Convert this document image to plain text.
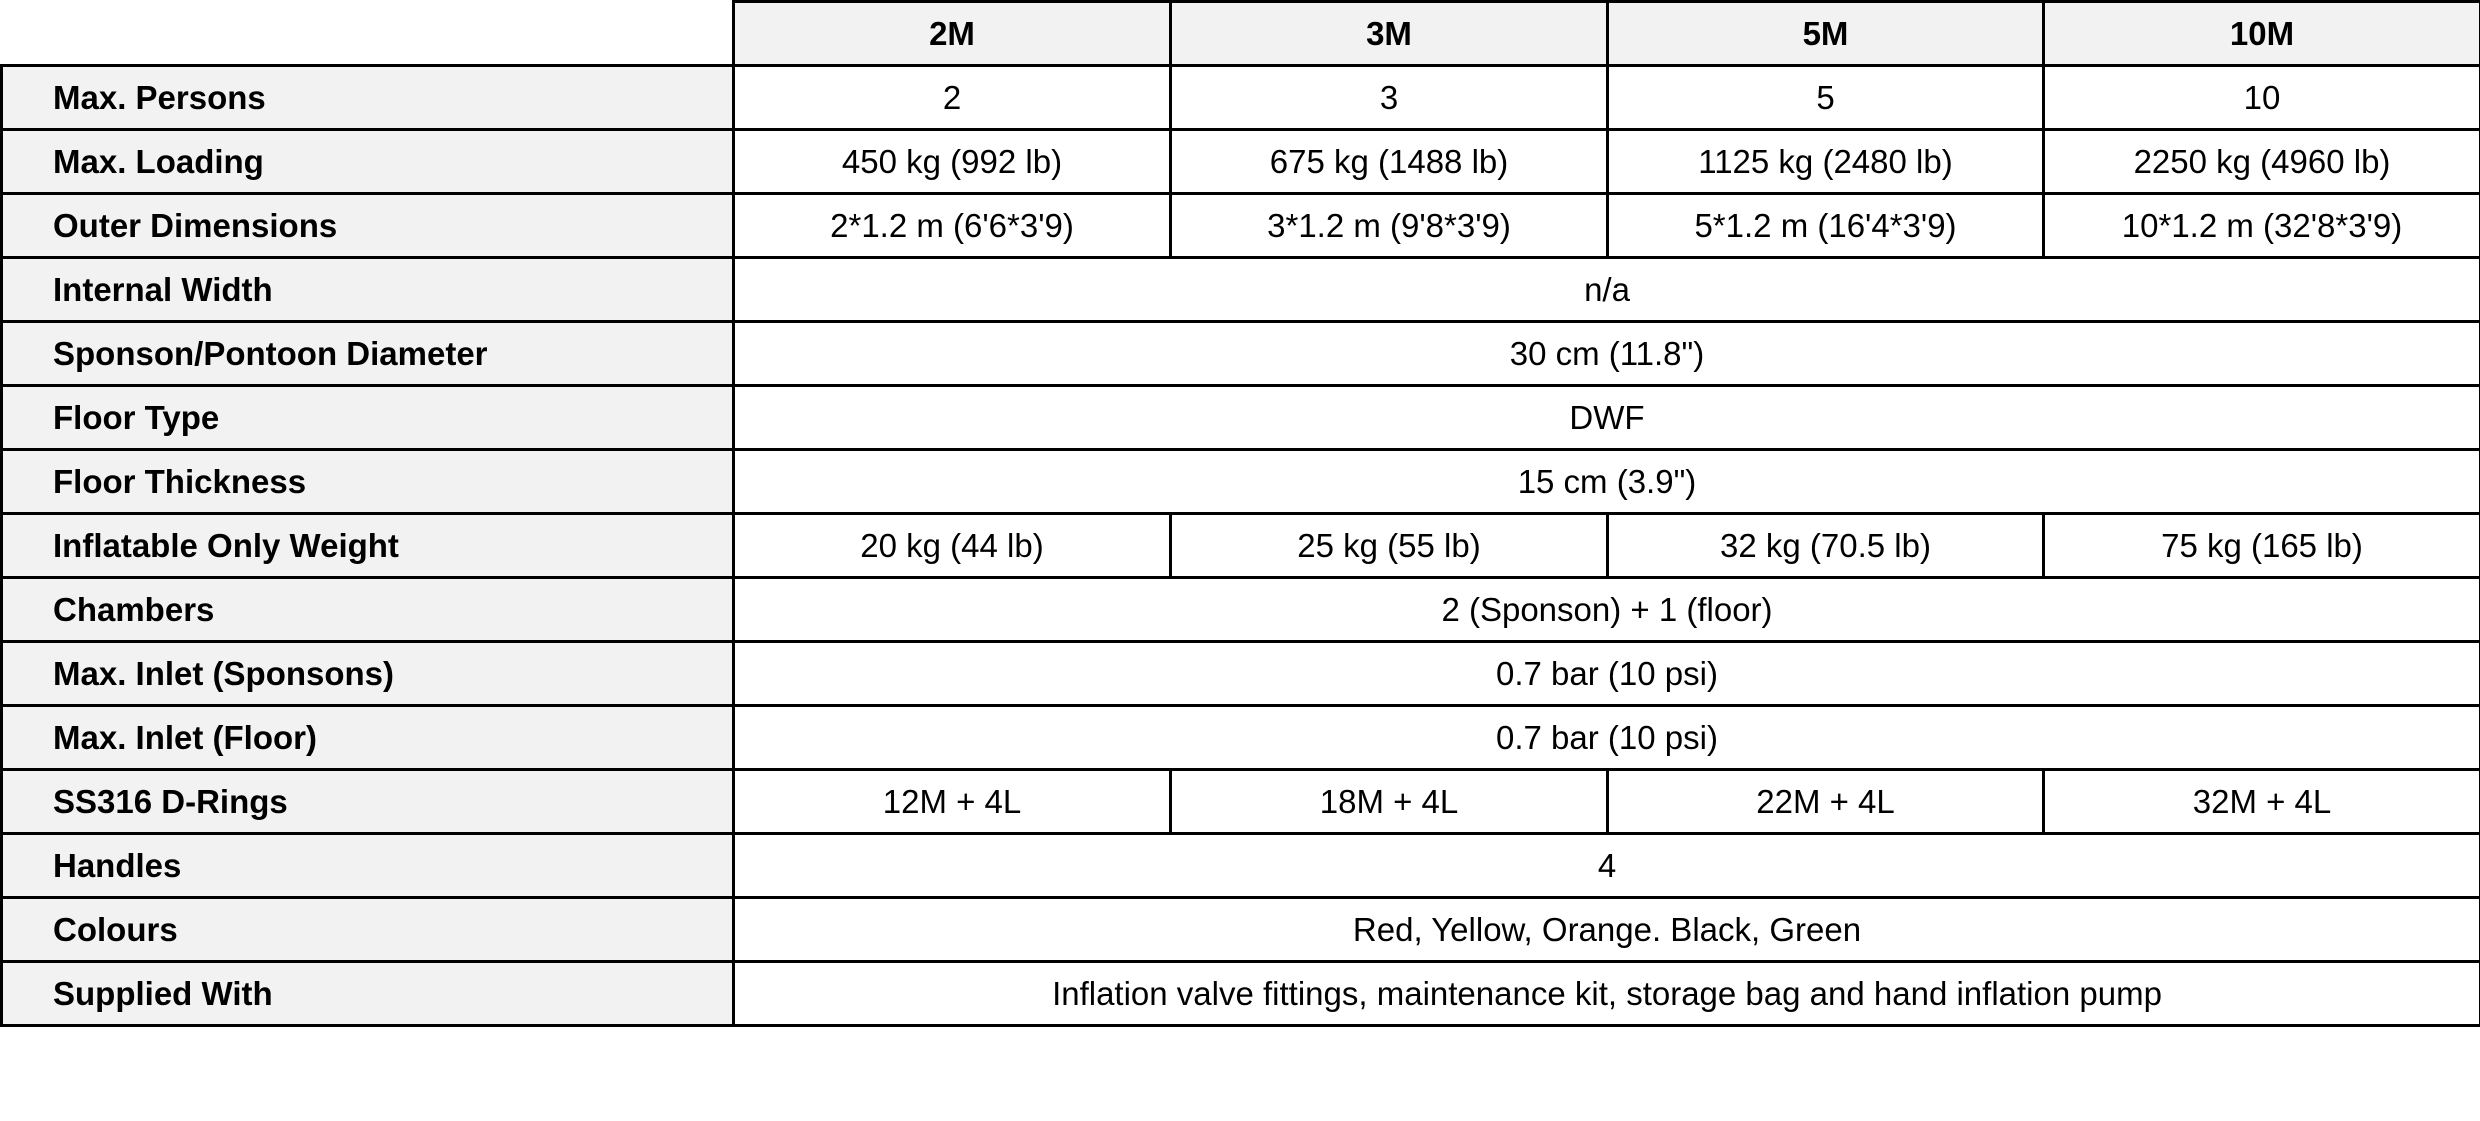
	2M	3M	5M	10M
Max. Persons	2	3	5	10
Max. Loading	450 kg (992 lb)	675 kg (1488 lb)	1125 kg (2480 lb)	2250 kg (4960 lb)
Outer Dimensions	2*1.2 m (6'6*3'9)	3*1.2 m (9'8*3'9)	5*1.2 m (16'4*3'9)	10*1.2 m (32'8*3'9)
Internal Width	n/a			
Sponson/Pontoon Diameter	30 cm (11.8")			
Floor Type	DWF			
Floor Thickness	15 cm (3.9")			
Inflatable Only Weight	20 kg (44 lb)	25 kg (55 lb)	32 kg (70.5 lb)	75 kg (165 lb)
Chambers	2 (Sponson) + 1 (floor)			
Max. Inlet (Sponsons)	0.7 bar (10 psi)			
Max. Inlet (Floor)	0.7 bar (10 psi)			
SS316 D-Rings	12M + 4L	18M + 4L	22M + 4L	32M + 4L
Handles	4			
Colours	Red, Yellow, Orange. Black, Green			
Supplied With	Inflation valve fittings, maintenance kit, storage bag and hand inflation pump			
